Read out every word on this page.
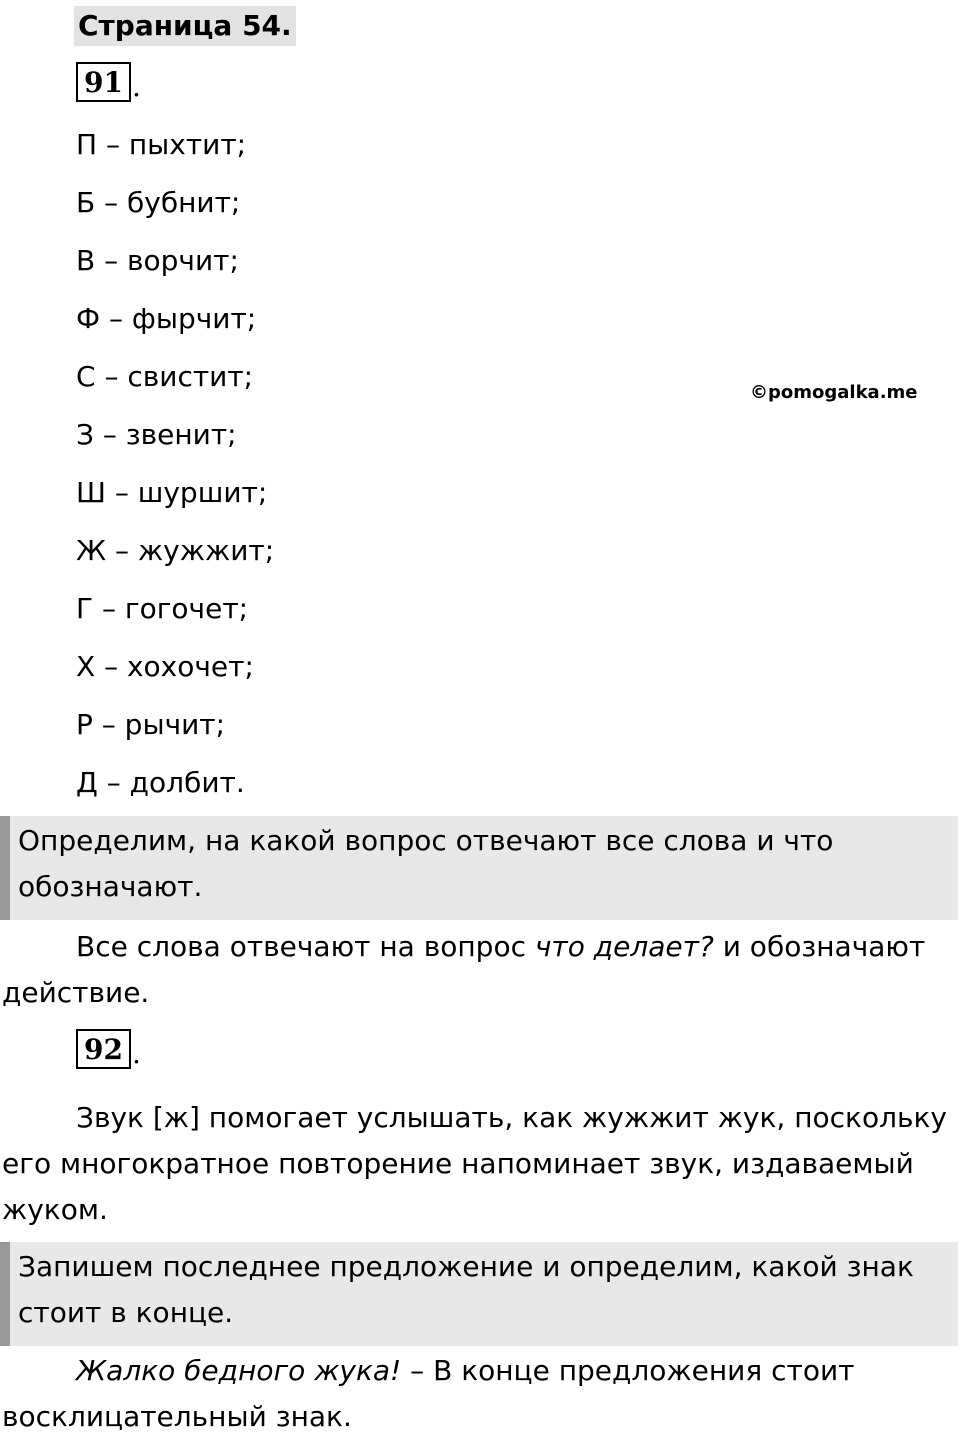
Страница 54.
91 .
П – пыхтит;
Б – бубнит;
В – ворчит;
Ф – фырчит;
С – свистит;
З – звенит;
Ш – шуршит;
Ж – жужжит;
Г – гогочет;
Х – хохочет;
Р – рычит;
Д – долбит.
©pomogalka.me
Определим, на какой вопрос отвечают все слова и что обозначают.

Все слова отвечают на вопрос что делает? и обозначают действие.

92 .

Звук [ж] помогает услышать, как жужжит жук, поскольку его многократное повторение напоминает звук, издаваемый жуком.

Запишем последнее предложение и определим, какой знак стоит в конце.

Жалко бедного жука! – В конце предложения стоит восклицательный знак.
